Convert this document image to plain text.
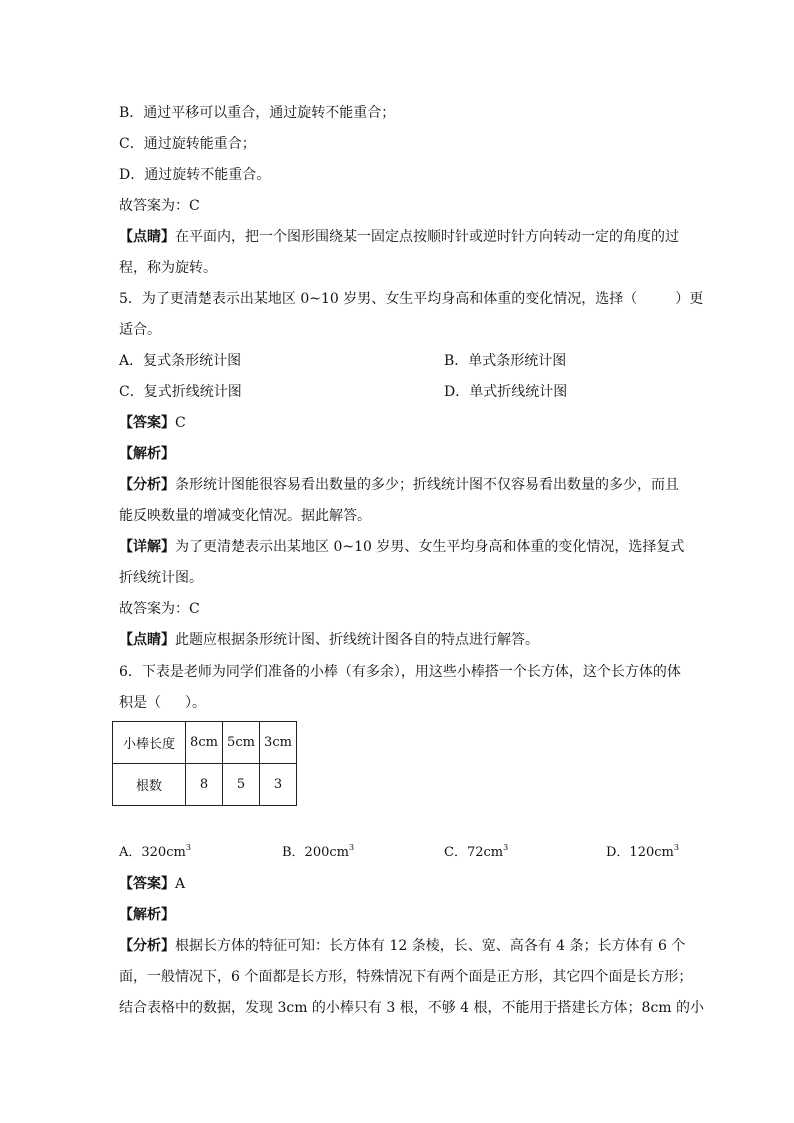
B．通过平移可以重合，通过旋转不能重合；
C．通过旋转能重合；
D．通过旋转不能重合。
故答案为：C
【点睛】在平面内，把一个图形围绕某一固定点按顺时针或逆时针方向转动一定的角度的过
程，称为旋转。
5．为了更清楚表示出某地区 0~10 岁男、女生平均身高和体重的变化情况，选择（	）更
适合。
A．复式条形统计图	B．单式条形统计图
C．复式折线统计图	D．单式折线统计图
【答案】C
【解析】
【分析】条形统计图能很容易看出数量的多少；折线统计图不仅容易看出数量的多少，而且
能反映数量的增减变化情况。据此解答。
【详解】为了更清楚表示出某地区 0~10 岁男、女生平均身高和体重的变化情况，选择复式
折线统计图。
故答案为：C
【点睛】此题应根据条形统计图、折线统计图各自的特点进行解答。
6．下表是老师为同学们准备的小棒（有多余），用这些小棒搭一个长方体，这个长方体的体
积是（ ）。
小棒长度	8cm	5cm	3cm
根数	8	5	3
A．$320cm^3$	B．$200cm^3$	C．$72cm^3$	D．$120cm^3$
【答案】A
【解析】
【分析】根据长方体的特征可知：长方体有 12 条棱，长、宽、高各有 4 条；长方体有 6 个
面，一般情况下，6 个面都是长方形，特殊情况下有两个面是正方形，其它四个面是长方形；
结合表格中的数据，发现 3cm 的小棒只有 3 根，不够 4 根，不能用于搭建长方体；8cm 的小
